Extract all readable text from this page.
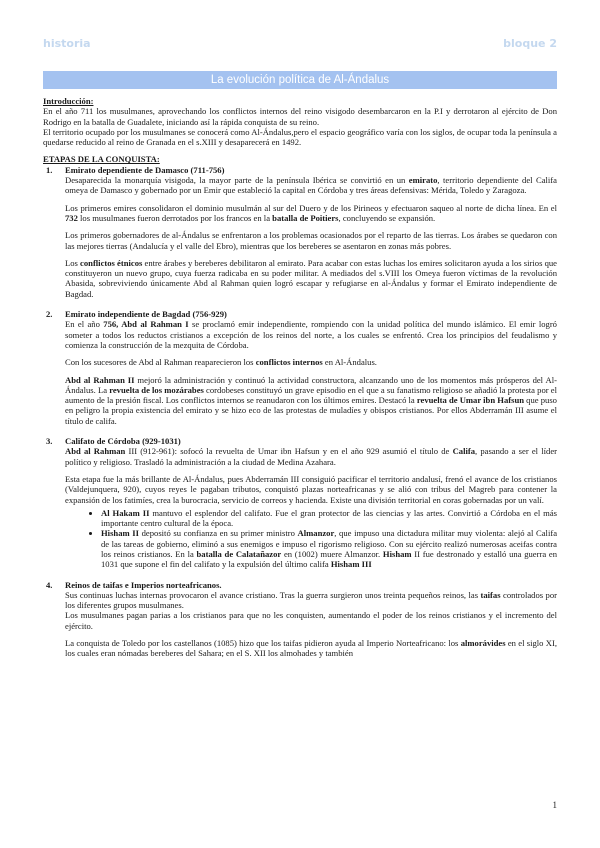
historia	bloque 2
La evolución política de Al-Ándalus

Introducción:

En el año 711 los musulmanes, aprovechando los conflictos internos del reino visigodo desembarcaron en la P.I y derrotaron al ejército de Don Rodrigo en la batalla de Guadalete, iniciando así la rápida conquista de su reino.

El territorio ocupado por los musulmanes se conocerá como Al-Ándalus,pero el espacio geográfico varía con los siglos, de ocupar toda la península a quedarse reducido al reino de Granada en el s.XIII y desaparecerá en 1492.

ETAPAS DE LA CONQUISTA:

1. Emirato dependiente de Damasco (711-756)

Desaparecida la monarquía visigoda, la mayor parte de la península Ibérica se convirtió en un emirato, territorio dependiente del Califa omeya de Damasco y gobernado por un Emir que estableció la capital en Córdoba y tres áreas defensivas: Mérida, Toledo y Zaragoza.

Los primeros emires consolidaron el dominio musulmán al sur del Duero y de los Pirineos y efectuaron saqueo al norte de dicha línea. En el 732 los musulmanes fueron derrotados por los francos en la batalla de Poitiers, concluyendo se expansión.

Los primeros gobernadores de al-Ándalus se enfrentaron a los problemas ocasionados por el reparto de las tierras. Los árabes se quedaron con las mejores tierras (Andalucía y el valle del Ebro), mientras que los bereberes se asentaron en zonas más pobres.

Los conflictos étnicos entre árabes y bereberes debilitaron al emirato. Para acabar con estas luchas los emires solicitaron ayuda a los sirios que constituyeron un nuevo grupo, cuya fuerza radicaba en su poder militar. A mediados del s.VIII los Omeya fueron víctimas de la revolución Abasida, sobreviviendo únicamente Abd al Rahman quien logró escapar y refugiarse en al-Ándalus y formar el Emirato independiente de Bagdad.

2. Emirato independiente de Bagdad (756-929)

En el año 756, Abd al Rahman I se proclamó emir independiente, rompiendo con la unidad política del mundo islámico. El emir logró someter a todos los reductos cristianos a excepción de los reinos del norte, a los cuales se enfrentó. Crea los principios del feudalismo y comienza la construcción de la mezquita de Córdoba.

Con los sucesores de Abd al Rahman reaparecieron los conflictos internos en Al-Ándalus.

Abd al Rahman II mejoró la administración y continuó la actividad constructora, alcanzando uno de los momentos más prósperos del Al-Ándalus. La revuelta de los mozárabes cordobeses constituyó un grave episodio en el que a su fanatismo religioso se añadió la protesta por el aumento de la presión fiscal. Los conflictos internos se reanudaron con los últimos emires. Destacó la revuelta de Umar ibn Hafsun que puso en peligro la propia existencia del emirato y se hizo eco de las protestas de muladíes y obispos cristianos. Por ellos Abderramán III asume el título de califa.

3. Califato de Córdoba (929-1031)

Abd al Rahman III (912-961): sofocó la revuelta de Umar ibn Hafsun y en el año 929 asumió el título de Califa, pasando a ser el líder político y religioso. Trasladó la administración a la ciudad de Medina Azahara.

Esta etapa fue la más brillante de Al-Ándalus, pues Abderramán III consiguió pacificar el territorio andalusí, frenó el avance de los cristianos (Valdejunquera, 920), cuyos reyes le pagaban tributos, conquistó plazas norteafricanas y se alió con tribus del Magreb para contener la expansión de los fatimíes, crea la burocracia, servicio de correos y hacienda. Existe una división territorial en coras gobernadas por un valí.

• Al Hakam II mantuvo el esplendor del califato. Fue el gran protector de las ciencias y las artes. Convirtió a Córdoba en el más importante centro cultural de la época.
• Hisham II depositó su confianza en su primer ministro Almanzor, que impuso una dictadura militar muy violenta: alejó al Califa de las tareas de gobierno, eliminó a sus enemigos e impuso el rigorismo religioso. Con su ejército realizó numerosas aceifas contra los reinos cristianos. En la batalla de Calatañazor en (1002) muere Almanzor. Hisham II fue destronado y estalló una guerra en 1031 que supone el fin del califato y la expulsión del último califa Hisham III

4. Reinos de taifas e Imperios norteafricanos.

Sus continuas luchas internas provocaron el avance cristiano. Tras la guerra surgieron unos treinta pequeños reinos, las taifas controlados por los diferentes grupos musulmanes.

Los musulmanes pagan parias a los cristianos para que no les conquisten, aumentando el poder de los reinos cristianos y el incremento del ejército.

La conquista de Toledo por los castellanos (1085) hizo que los taifas pidieron ayuda al Imperio Norteafricano: los almorávides en el siglo XI, los cuales eran nómadas bereberes del Sahara; en el S. XII los almohades y también

1
